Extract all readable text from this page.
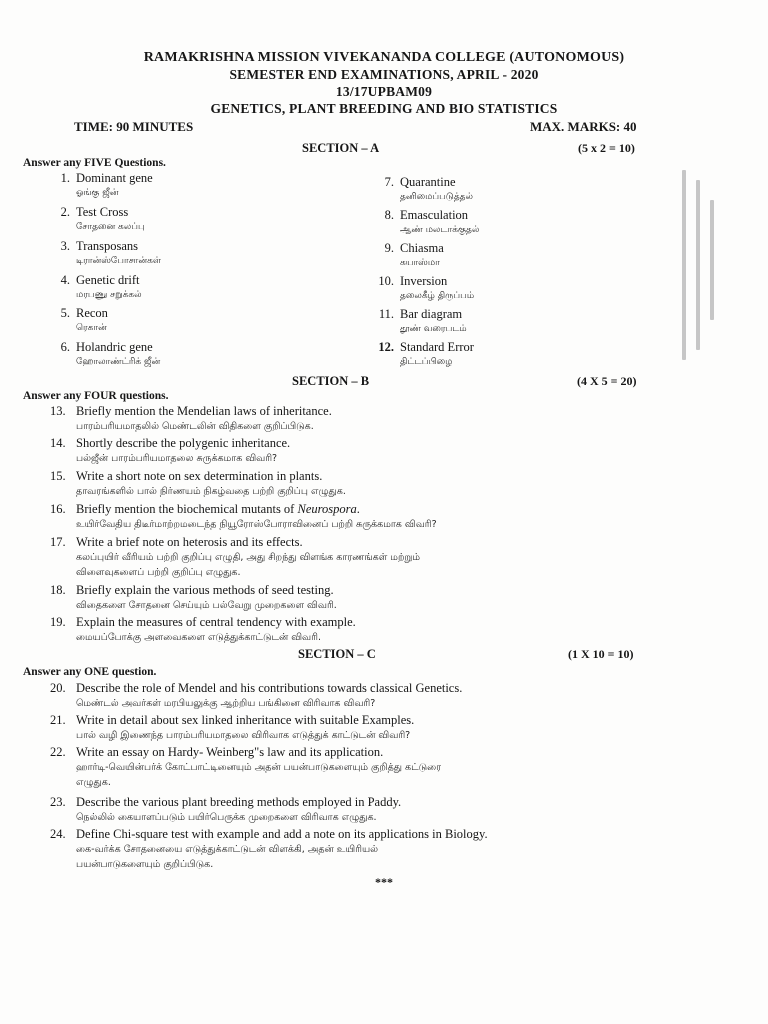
RAMAKRISHNA MISSION VIVEKANANDA COLLEGE (AUTONOMOUS)
SEMESTER END EXAMINATIONS, APRIL - 2020
13/17UPBAM09
GENETICS, PLANT BREEDING AND BIO STATISTICS
TIME: 90 MINUTES	MAX. MARKS: 40
SECTION – A	(5 x 2 = 10)
Answer any FIVE Questions.
1. Dominant gene
ஓங்கு ஜீன்
2. Test Cross
சோதனை கலப்பு
3. Transposans
டிரான்ஸ்போசான்கள்
4. Genetic drift
மரபணு சறுக்கல்
5. Recon
ரெகான்
6. Holandric gene
ஹோலாண்ட்ரிக் ஜீன்
7. Quarantine
தனிமைப்படுத்தல்
8. Emasculation
ஆண் மலடாக்குதல்
9. Chiasma
கயாஸ்மா
10. Inversion
தலைகீழ் திருப்பம்
11. Bar diagram
தூண் வரைபடம்
12. Standard Error
திட்டப்பிழை
SECTION – B	(4 X 5 = 20)
Answer any FOUR questions.
13. Briefly mention the Mendelian laws of inheritance.
பாரம்பரியமாதலில் மெண்டலின் விதிகளை குறிப்பிடுக.
14. Shortly describe the polygenic inheritance.
பல்ஜீன் பாரம்பரியமாதலை சுருக்கமாக விவரி?
15. Write a short note on sex determination in plants.
தாவரங்களில் பால் நிர்ணயம் நிகழ்வதை பற்றி குறிப்பு எழுதுக.
16. Briefly mention the biochemical mutants of Neurospora.
உயிர்வேதிய திடீர்மாற்றமடைந்த நியூரோஸ்போராவினைப் பற்றி சுருக்கமாக விவரி?
17. Write a brief note on heterosis and its effects.
கலப்புயிர் வீரியம் பற்றி குறிப்பு எழுதி, அது சிறந்து விளங்க காரணங்கள் மற்றும்
விளைவுகளைப் பற்றி குறிப்பு எழுதுக.
18. Briefly explain the various methods of seed testing.
விதைகளை சோதனை செய்யும் பல்வேறு முறைகளை விவரி.
19. Explain the measures of central tendency with example.
மையப்போக்கு அளவைகளை எடுத்துக்காட்டுடன் விவரி.
SECTION – C	(1 X 10 = 10)
Answer any ONE question.
20. Describe the role of Mendel and his contributions towards classical Genetics.
மெண்டல் அவர்கள் மரபியலுக்கு ஆற்றிய பங்கினை விரிவாக விவரி?
21. Write in detail about sex linked inheritance with suitable Examples.
பால் வழி இணைந்த பாரம்பரியமாதலை விரிவாக எடுத்துக் காட்டுடன் விவரி?
22. Write an essay on Hardy- Weinberg"s law and its application.
ஹார்டி-வெயின்பர்க் கோட்பாட்டினையும் அதன் பயன்பாடுகளையும் குறித்து கட்டுரை
எழுதுக.
23. Describe the various plant breeding methods employed in Paddy.
நெல்லில் கையாளப்படும் பயிர்பெருக்க முறைகளை விரிவாக எழுதுக.
24. Define Chi-square test with example and add a note on its applications in Biology.
கை-வர்க்க சோதனையை எடுத்துக்காட்டுடன் விளக்கி, அதன் உயிரியல்
பயன்பாடுகளையும் குறிப்பிடுக.
***
